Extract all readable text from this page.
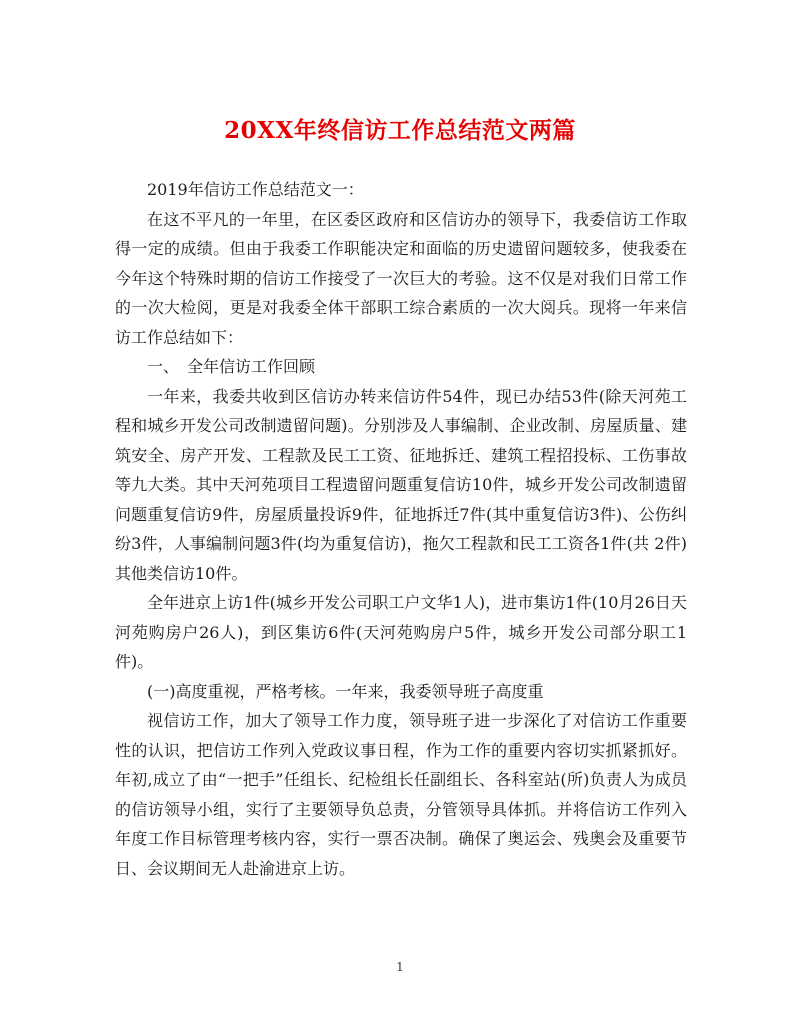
20XX年终信访工作总结范文两篇

2019年信访工作总结范文一：

在这不平凡的一年里，在区委区政府和区信访办的领导下，我委信访工作取得一定的成绩。但由于我委工作职能决定和面临的历史遗留问题较多，使我委在今年这个特殊时期的信访工作接受了一次巨大的考验。这不仅是对我们日常工作的一次大检阅，更是对我委全体干部职工综合素质的一次大阅兵。现将一年来信访工作总结如下：

一、　全年信访工作回顾

一年来，我委共收到区信访办转来信访件54件，现已办结53件(除天河苑工程和城乡开发公司改制遗留问题)。分别涉及人事编制、企业改制、房屋质量、建筑安全、房产开发、工程款及民工工资、征地拆迁、建筑工程招投标、工伤事故等九大类。其中天河苑项目工程遗留问题重复信访10件，城乡开发公司改制遗留问题重复信访9件，房屋质量投诉9件，征地拆迁7件(其中重复信访3件)、公伤纠纷3件，人事编制问题3件(均为重复信访)，拖欠工程款和民工工资各1件(共 2件)其他类信访10件。

全年进京上访1件(城乡开发公司职工户文华1人)，进市集访1件(10月26日天河苑购房户26人)，到区集访6件(天河苑购房户5件，城乡开发公司部分职工1件)。

(一)高度重视，严格考核。一年来，我委领导班子高度重

视信访工作，加大了领导工作力度，领导班子进一步深化了对信访工作重要性的认识，把信访工作列入党政议事日程，作为工作的重要内容切实抓紧抓好。年初,成立了由“一把手”任组长、纪检组长任副组长、各科室站(所)负责人为成员的信访领导小组，实行了主要领导负总责，分管领导具体抓。并将信访工作列入年度工作目标管理考核内容，实行一票否决制。确保了奥运会、残奥会及重要节日、会议期间无人赴渝进京上访。

1
